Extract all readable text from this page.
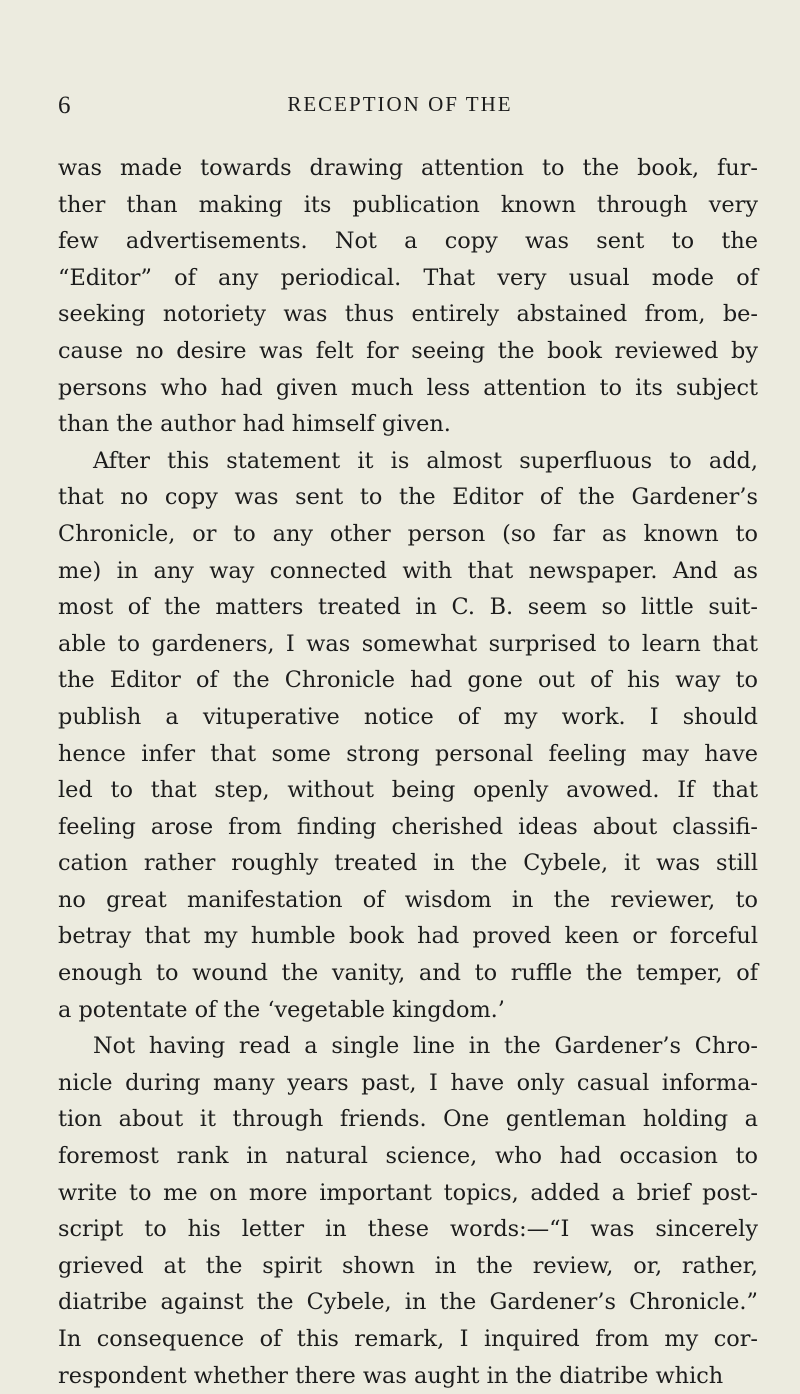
6	RECEPTION OF THE
was made towards drawing attention to the book, fur-
ther than making its publication known through very
few advertisements. Not a copy was sent to the
“Editor” of any periodical. That very usual mode of
seeking notoriety was thus entirely abstained from, be-
cause no desire was felt for seeing the book reviewed by
persons who had given much less attention to its subject
than the author had himself given.
After this statement it is almost superfluous to add,
that no copy was sent to the Editor of the Gardener’s
Chronicle, or to any other person (so far as known to
me) in any way connected with that newspaper. And as
most of the matters treated in C. B. seem so little suit-
able to gardeners, I was somewhat surprised to learn that
the Editor of the Chronicle had gone out of his way to
publish a vituperative notice of my work. I should
hence infer that some strong personal feeling may have
led to that step, without being openly avowed. If that
feeling arose from finding cherished ideas about classifi-
cation rather roughly treated in the Cybele, it was still
no great manifestation of wisdom in the reviewer, to
betray that my humble book had proved keen or forceful
enough to wound the vanity, and to ruffle the temper, of
a potentate of the ‘vegetable kingdom.’
Not having read a single line in the Gardener’s Chro-
nicle during many years past, I have only casual informa-
tion about it through friends. One gentleman holding a
foremost rank in natural science, who had occasion to
write to me on more important topics, added a brief post-
script to his letter in these words:—“I was sincerely
grieved at the spirit shown in the review, or, rather,
diatribe against the Cybele, in the Gardener’s Chronicle.”
In consequence of this remark, I inquired from my cor-
respondent whether there was aught in the diatribe which
